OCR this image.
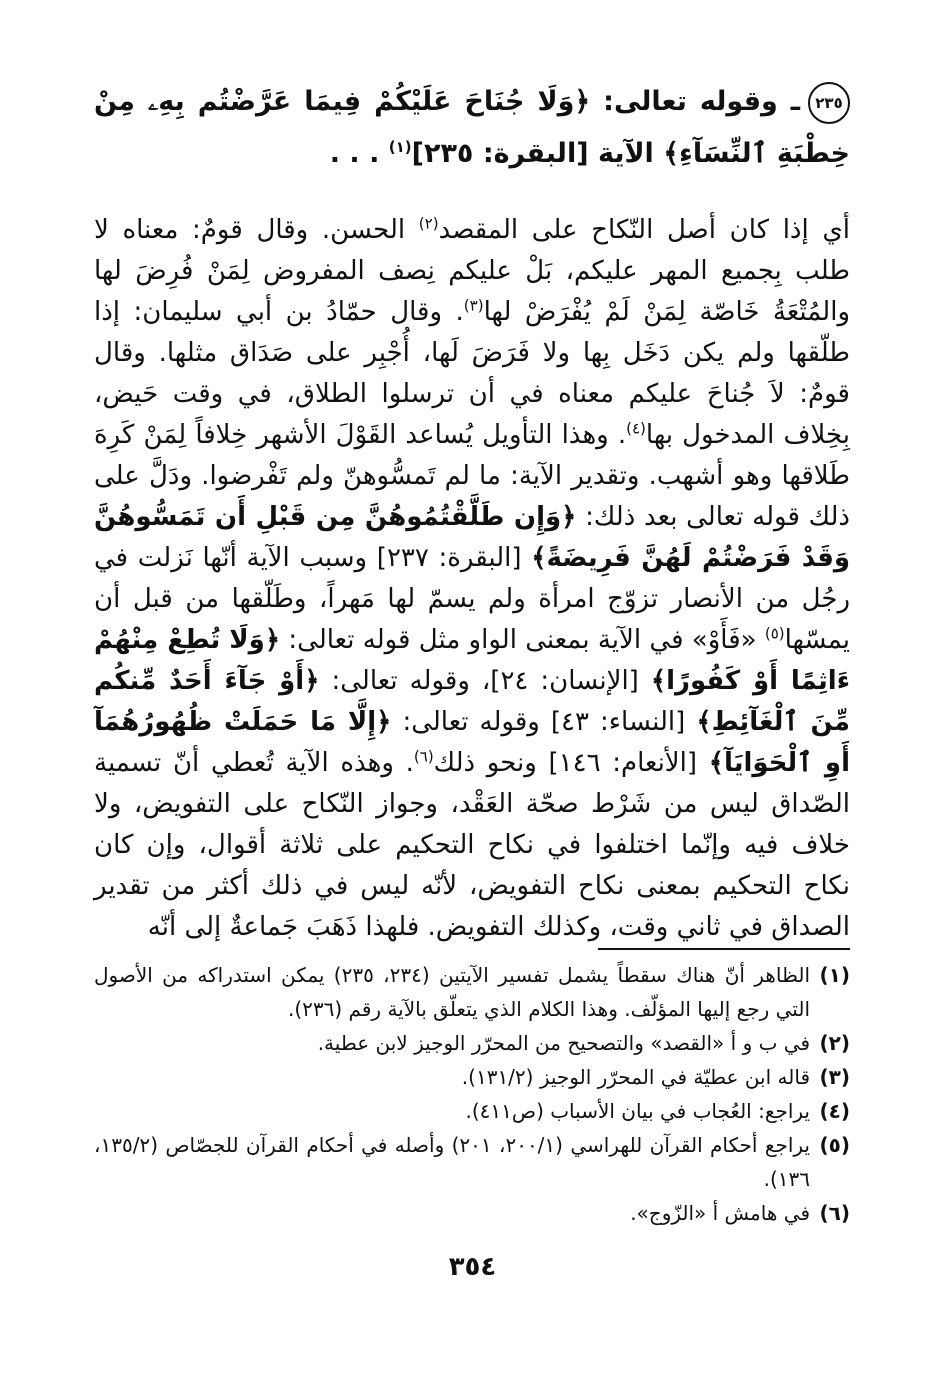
٢٣٥ـ وقوله تعالى: ﴿وَلَا جُنَاحَ عَلَيْكُمْ فِيمَا عَرَّضْتُم بِهِۦ مِنْ خِطْبَةِ ٱلنِّسَآءِ﴾ الآية [البقرة: ٢٣٥]$^{(١)}$ . . .
أي إذا كان أصل النّكاح على المقصد$^{(٢)}$ الحسن. وقال قومٌ: معناه لا طلب بِجميع المهر عليكم، بَلْ عليكم نِصف المفروض لِمَنْ فُرِضَ لها والمُتْعَةُ خَاصّة لِمَنْ لَمْ يُفْرَضْ لها$^{(٣)}$. وقال حمّادُ بن أبي سليمان: إذا طلّقها ولم يكن دَخَل بِها ولا فَرَضَ لَها، أُجْبِر على صَدَاق مثلها. وقال قومٌ: لاَ جُناحَ عليكم معناه في أن ترسلوا الطلاق، في وقت حَيض، بِخِلاف المدخول بها$^{(٤)}$. وهذا التأويل يُساعد القَوْلَ الأشهر خِلافاً لِمَنْ كَرِهَ طَلاقها وهو أشهب. وتقدير الآية: ما لم تَمسُّوهنّ ولم تَفْرضوا. ودَلَّ على ذلك قوله تعالى بعد ذلك: ﴿وَإِن طَلَّقْتُمُوهُنَّ مِن قَبْلِ أَن تَمَسُّوهُنَّ وَقَدْ فَرَضْتُمْ لَهُنَّ فَرِيضَةً﴾ [البقرة: ٢٣٧] وسبب الآية أنّها نَزلت في رجُل من الأنصار تزوّج امرأة ولم يسمّ لها مَهراً، وطَلّقها من قبل أن يمسّها$^{(٥)}$ «فَأَوْ» في الآية بمعنى الواو مثل قوله تعالى: ﴿وَلَا تُطِعْ مِنْهُمْ ءَاثِمًا أَوْ كَفُورًا﴾ [الإنسان: ٢٤]، وقوله تعالى: ﴿أَوْ جَآءَ أَحَدٌ مِّنكُم مِّنَ ٱلْغَآئِطِ﴾ [النساء: ٤٣] وقوله تعالى: ﴿إِلَّا مَا حَمَلَتْ ظُهُورُهُمَآ أَوِ ٱلْحَوَايَآ﴾ [الأنعام: ١٤٦] ونحو ذلك$^{(٦)}$. وهذه الآية تُعطي أنّ تسمية الصّداق ليس من شَرْط صحّة العَقْد، وجواز النّكاح على التفويض، ولا خلاف فيه وإنّما اختلفوا في نكاح التحكيم على ثلاثة أقوال، وإن كان نكاح التحكيم بمعنى نكاح التفويض، لأنّه ليس في ذلك أكثر من تقدير الصداق في ثاني وقت، وكذلك التفويض. فلهذا ذَهَبَ جَماعةٌ إلى أنّه
(١)
الظاهر أنّ هناك سقطاً يشمل تفسير الآيتين (٢٣٤، ٢٣٥) يمكن استدراكه من الأصول التي رجع إليها المؤلّف. وهذا الكلام الذي يتعلّق بالآية رقم (٢٣٦).
(٢)
في ب و أ «القصد» والتصحيح من المحرّر الوجيز لابن عطية.
(٣)
قاله ابن عطيّة في المحرّر الوجيز (١٣١/٢).
(٤)
يراجع: العُجاب في بيان الأسباب (ص٤١١).
(٥)
يراجع أحكام القرآن للهراسي (٢٠٠/١، ٢٠١) وأصله في أحكام القرآن للجصّاص (١٣٥/٢، ١٣٦).
(٦)
في هامش أ «الزّوج».
٣٥٤
